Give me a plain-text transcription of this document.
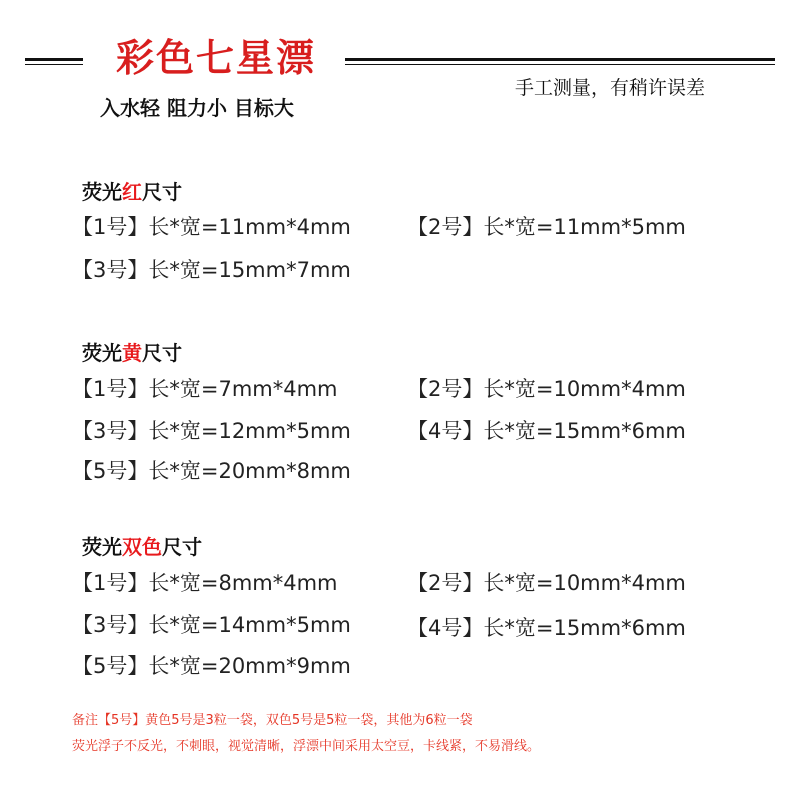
彩色七星漂
入水轻 阻力小 目标大
手工测量，有稍许误差
荧光红尺寸
【1号】长*宽=11mm*4mm	【2号】长*宽=11mm*5mm
【3号】长*宽=15mm*7mm
荧光黄尺寸
【1号】长*宽=7mm*4mm	【2号】长*宽=10mm*4mm
【3号】长*宽=12mm*5mm	【4号】长*宽=15mm*6mm
【5号】长*宽=20mm*8mm
荧光双色尺寸
【1号】长*宽=8mm*4mm	【2号】长*宽=10mm*4mm
【3号】长*宽=14mm*5mm	【4号】长*宽=15mm*6mm
【5号】长*宽=20mm*9mm
备注【5号】黄色5号是3粒一袋，双色5号是5粒一袋，其他为6粒一袋
荧光浮子不反光，不刺眼，视觉清晰，浮漂中间采用太空豆，卡线紧，不易滑线。
